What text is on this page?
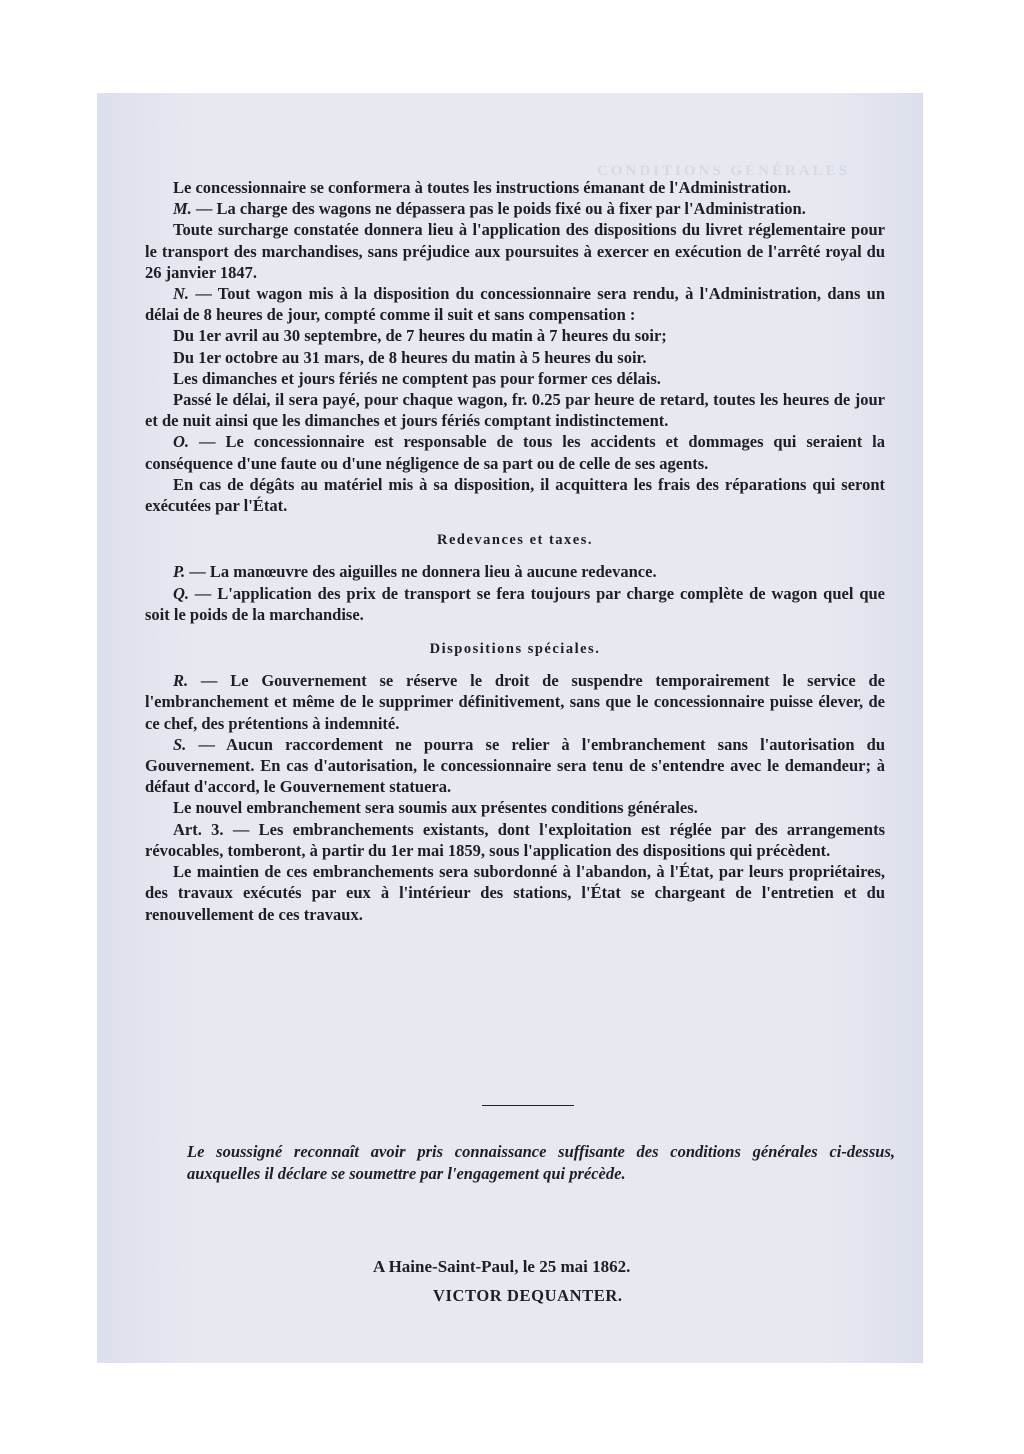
CONDITIONS GÉNÉRALES

Le concessionnaire se conformera à toutes les instructions émanant de l'Administration.

M. — La charge des wagons ne dépassera pas le poids fixé ou à fixer par l'Administration.

Toute surcharge constatée donnera lieu à l'application des dispositions du livret réglementaire pour le transport des marchandises, sans préjudice aux poursuites à exercer en exécution de l'arrêté royal du 26 janvier 1847.

N. — Tout wagon mis à la disposition du concessionnaire sera rendu, à l'Administration, dans un délai de 8 heures de jour, compté comme il suit et sans compensation :

Du 1er avril au 30 septembre, de 7 heures du matin à 7 heures du soir;

Du 1er octobre au 31 mars, de 8 heures du matin à 5 heures du soir.

Les dimanches et jours fériés ne comptent pas pour former ces délais.

Passé le délai, il sera payé, pour chaque wagon, fr. 0.25 par heure de retard, toutes les heures de jour et de nuit ainsi que les dimanches et jours fériés comptant indistinctement.

O. — Le concessionnaire est responsable de tous les accidents et dommages qui seraient la conséquence d'une faute ou d'une négligence de sa part ou de celle de ses agents.

En cas de dégâts au matériel mis à sa disposition, il acquittera les frais des réparations qui seront exécutées par l'État.

Redevances et taxes.

P. — La manœuvre des aiguilles ne donnera lieu à aucune redevance.

Q. — L'application des prix de transport se fera toujours par charge complète de wagon quel que soit le poids de la marchandise.

Dispositions spéciales.

R. — Le Gouvernement se réserve le droit de suspendre temporairement le service de l'embranchement et même de le supprimer définitivement, sans que le concessionnaire puisse élever, de ce chef, des prétentions à indemnité.

S. — Aucun raccordement ne pourra se relier à l'embranchement sans l'autorisation du Gouvernement. En cas d'autorisation, le concessionnaire sera tenu de s'entendre avec le demandeur; à défaut d'accord, le Gouvernement statuera.

Le nouvel embranchement sera soumis aux présentes conditions générales.

Art. 3. — Les embranchements existants, dont l'exploitation est réglée par des arrangements révocables, tomberont, à partir du 1er mai 1859, sous l'application des dispositions qui précèdent.

Le maintien de ces embranchements sera subordonné à l'abandon, à l'État, par leurs propriétaires, des travaux exécutés par eux à l'intérieur des stations, l'État se chargeant de l'entretien et du renouvellement de ces travaux.

Le soussigné reconnaît avoir pris connaissance suffisante des conditions générales ci-dessus, auxquelles il déclare se soumettre par l'engagement qui précède.

A Haine-Saint-Paul, le 25 mai 1862.
VICTOR DEQUANTER.
